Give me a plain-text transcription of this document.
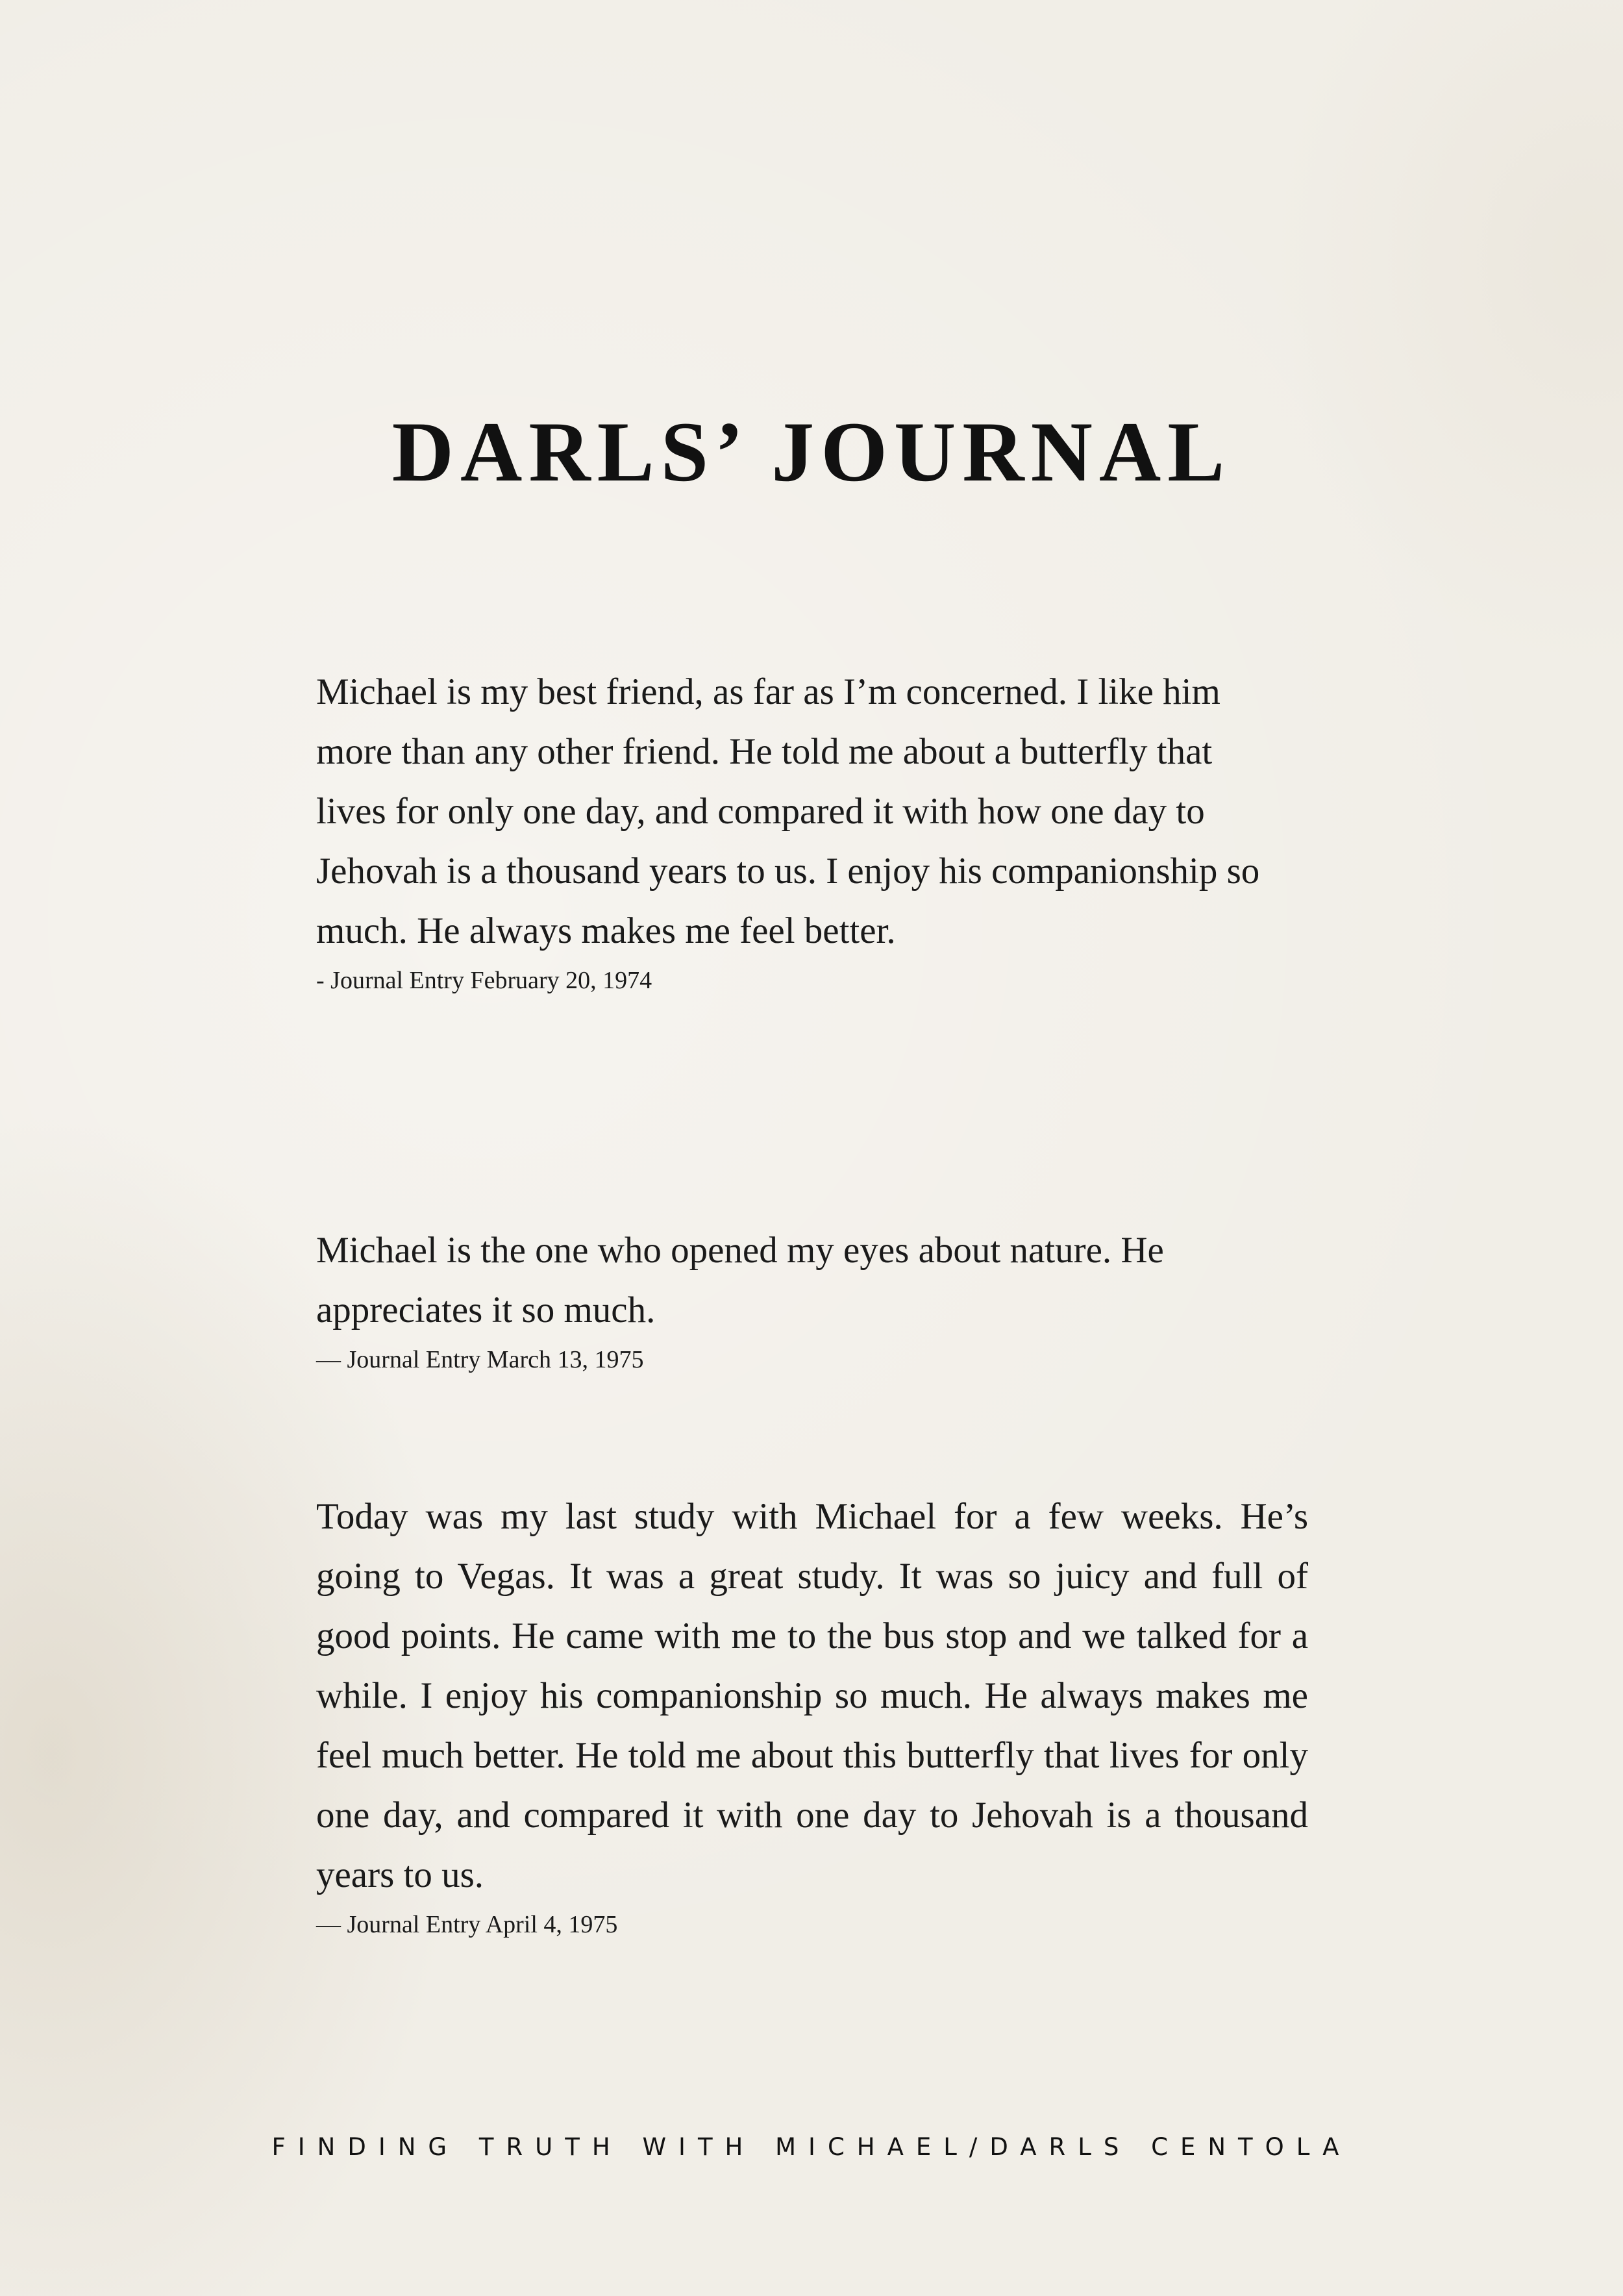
DARLS’ JOURNAL

Michael is my best friend, as far as I’m concerned. I like him more than any other friend. He told me about a butterfly that lives for only one day, and compared it with how one day to Jehovah is a thousand years to us. I enjoy his companionship so much. He always makes me feel better.

- Journal Entry February 20, 1974

Michael is the one who opened my eyes about nature. He appreciates it so much.

— Journal Entry March 13, 1975

Today was my last study with Michael for a few weeks. He’s going to Vegas. It was a great study. It was so juicy and full of good points. He came with me to the bus stop and we talked for a while. I enjoy his companionship so much. He always makes me feel much better. He told me about this butterfly that lives for only one day, and compared it with one day to Jehovah is a thousand years to us.

— Journal Entry April 4, 1975

FINDING TRUTH WITH MICHAEL/DARLS CENTOLA
